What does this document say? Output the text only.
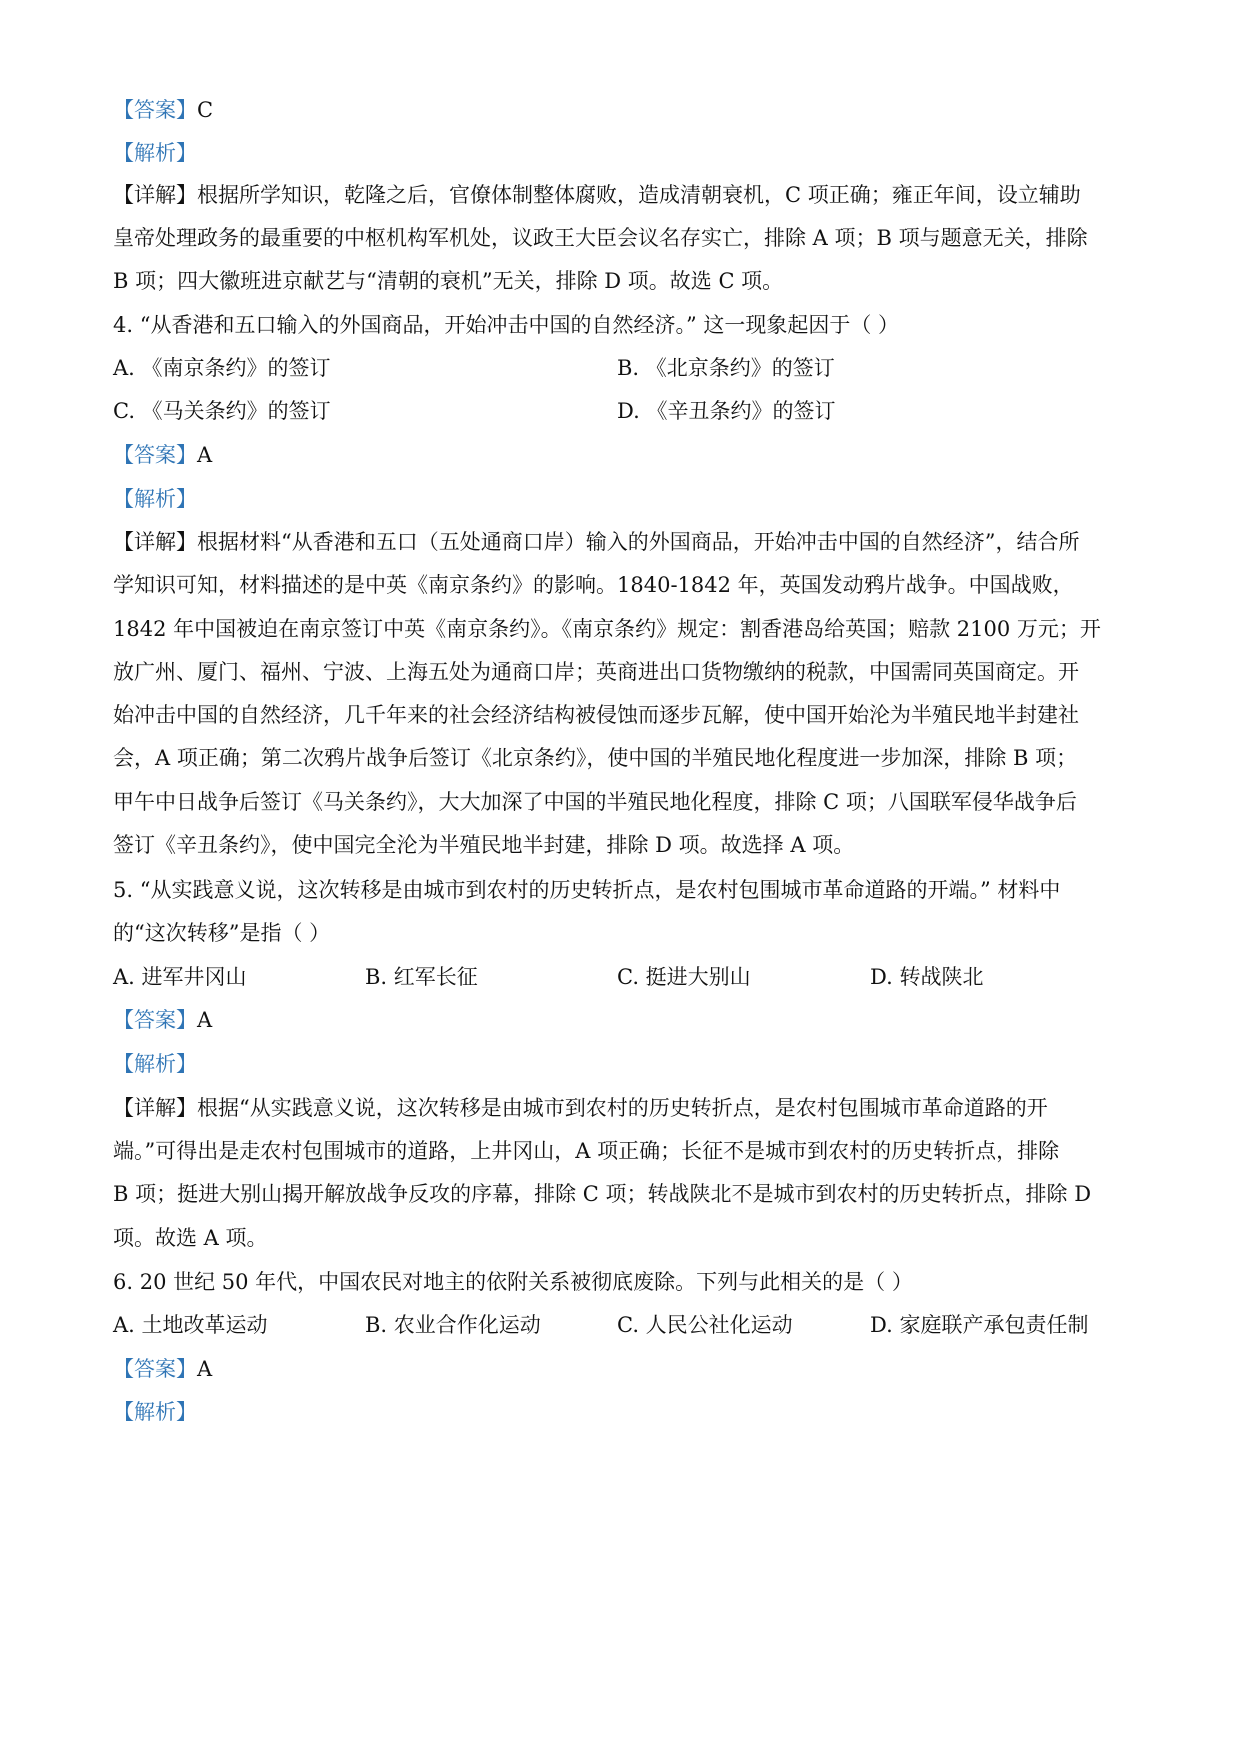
【答案】C
【解析】
【详解】根据所学知识，乾隆之后，官僚体制整体腐败，造成清朝衰机，C 项正确；雍正年间，设立辅助
皇帝处理政务的最重要的中枢机构军机处，议政王大臣会议名存实亡，排除 A 项；B 项与题意无关，排除
B 项；四大徽班进京献艺与“清朝的衰机”无关，排除 D 项。故选 C 项。
4. “从香港和五口输入的外国商品，开始冲击中国的自然经济。” 这一现象起因于（ ）
A. 《南京条约》的签订	B. 《北京条约》的签订
C. 《马关条约》的签订	D. 《辛丑条约》的签订
【答案】A
【解析】
【详解】根据材料“从香港和五口（五处通商口岸）输入的外国商品，开始冲击中国的自然经济”，结合所
学知识可知，材料描述的是中英《南京条约》的影响。1840-1842 年，英国发动鸦片战争。中国战败，
1842 年中国被迫在南京签订中英《南京条约》。《南京条约》规定：割香港岛给英国；赔款 2100 万元；开
放广州、厦门、福州、宁波、上海五处为通商口岸；英商进出口货物缴纳的税款，中国需同英国商定。开
始冲击中国的自然经济，几千年来的社会经济结构被侵蚀而逐步瓦解，使中国开始沦为半殖民地半封建社
会，A 项正确；第二次鸦片战争后签订《北京条约》，使中国的半殖民地化程度进一步加深，排除 B 项；
甲午中日战争后签订《马关条约》，大大加深了中国的半殖民地化程度，排除 C 项；八国联军侵华战争后
签订《辛丑条约》，使中国完全沦为半殖民地半封建，排除 D 项。故选择 A 项。
5. “从实践意义说，这次转移是由城市到农村的历史转折点，是农村包围城市革命道路的开端。” 材料中
的“这次转移”是指（ ）
A. 进军井冈山	B. 红军长征	C. 挺进大别山	D. 转战陕北
【答案】A
【解析】
【详解】根据“从实践意义说，这次转移是由城市到农村的历史转折点，是农村包围城市革命道路的开
端。”可得出是走农村包围城市的道路，上井冈山，A 项正确；长征不是城市到农村的历史转折点，排除
B 项；挺进大别山揭开解放战争反攻的序幕，排除 C 项；转战陕北不是城市到农村的历史转折点，排除 D
项。故选 A 项。
6. 20 世纪 50 年代，中国农民对地主的依附关系被彻底废除。下列与此相关的是（ ）
A. 土地改革运动	B. 农业合作化运动	C. 人民公社化运动	D. 家庭联产承包责任制
【答案】A
【解析】
